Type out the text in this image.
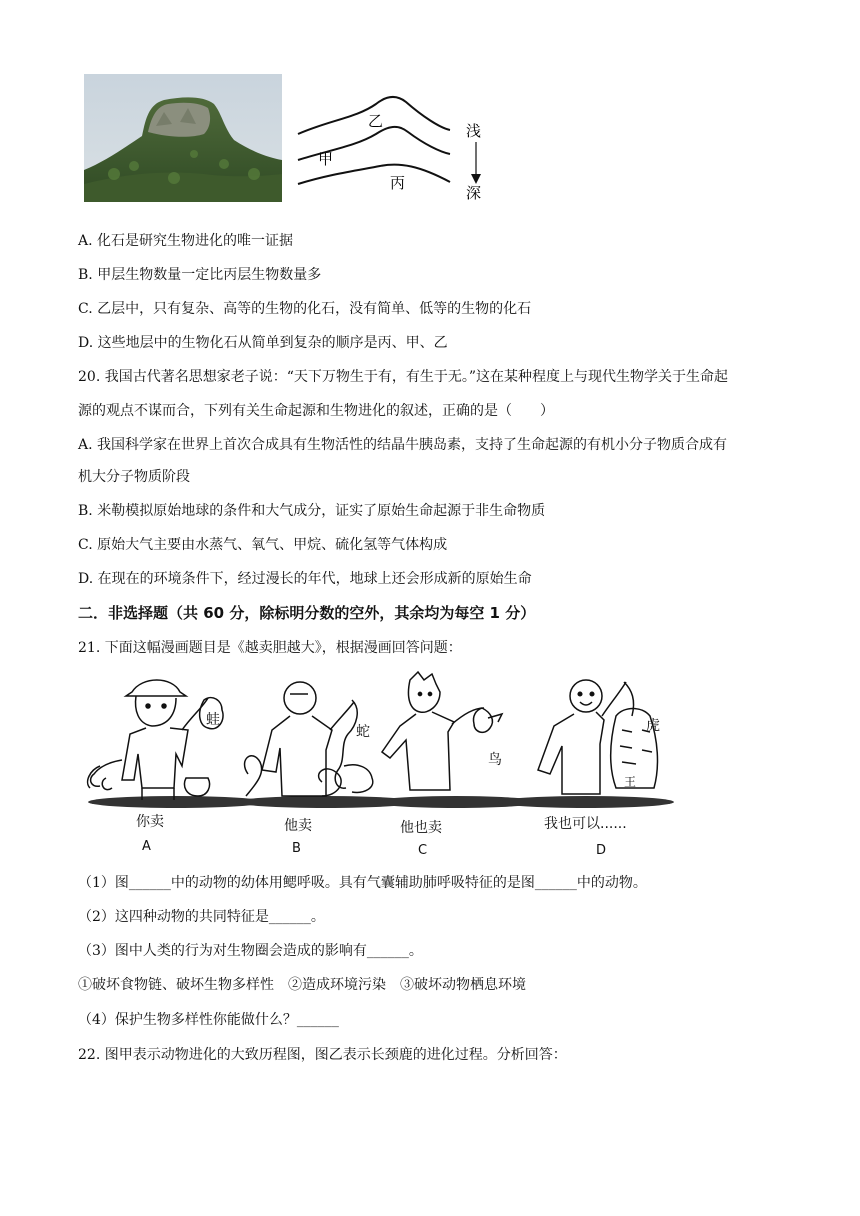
乙
甲
丙
浅
深
A. 化石是研究生物进化的唯一证据
B. 甲层生物数量一定比丙层生物数量多
C. 乙层中，只有复杂、高等的生物的化石，没有简单、低等的生物的化石
D. 这些地层中的生物化石从简单到复杂的顺序是丙、甲、乙
20. 我国古代著名思想家老子说：“天下万物生于有，有生于无。”这在某种程度上与现代生物学关于生命起
源的观点不谋而合，下列有关生命起源和生物进化的叙述，正确的是（　　）
A. 我国科学家在世界上首次合成具有生物活性的结晶牛胰岛素，支持了生命起源的有机小分子物质合成有
机大分子物质阶段
B. 米勒模拟原始地球的条件和大气成分，证实了原始生命起源于非生命物质
C. 原始大气主要由水蒸气、氧气、甲烷、硫化氢等气体构成
D. 在现在的环境条件下，经过漫长的年代，地球上还会形成新的原始生命
二．非选择题（共 60 分，除标明分数的空外，其余均为每空 1 分）
21. 下面这幅漫画题目是《越卖胆越大》，根据漫画回答问题：
蛙
蛇
鸟
虎
王
你卖	他卖	他也卖	我也可以......
A	B	C	D
（1）图______中的动物的幼体用鳃呼吸。具有气囊辅助肺呼吸特征的是图______中的动物。
（2）这四种动物的共同特征是______。
（3）图中人类的行为对生物圈会造成的影响有______。
①破坏食物链、破坏生物多样性　②造成环境污染　③破坏动物栖息环境
（4）保护生物多样性你能做什么？______
22. 图甲表示动物进化的大致历程图，图乙表示长颈鹿的进化过程。分析回答：
